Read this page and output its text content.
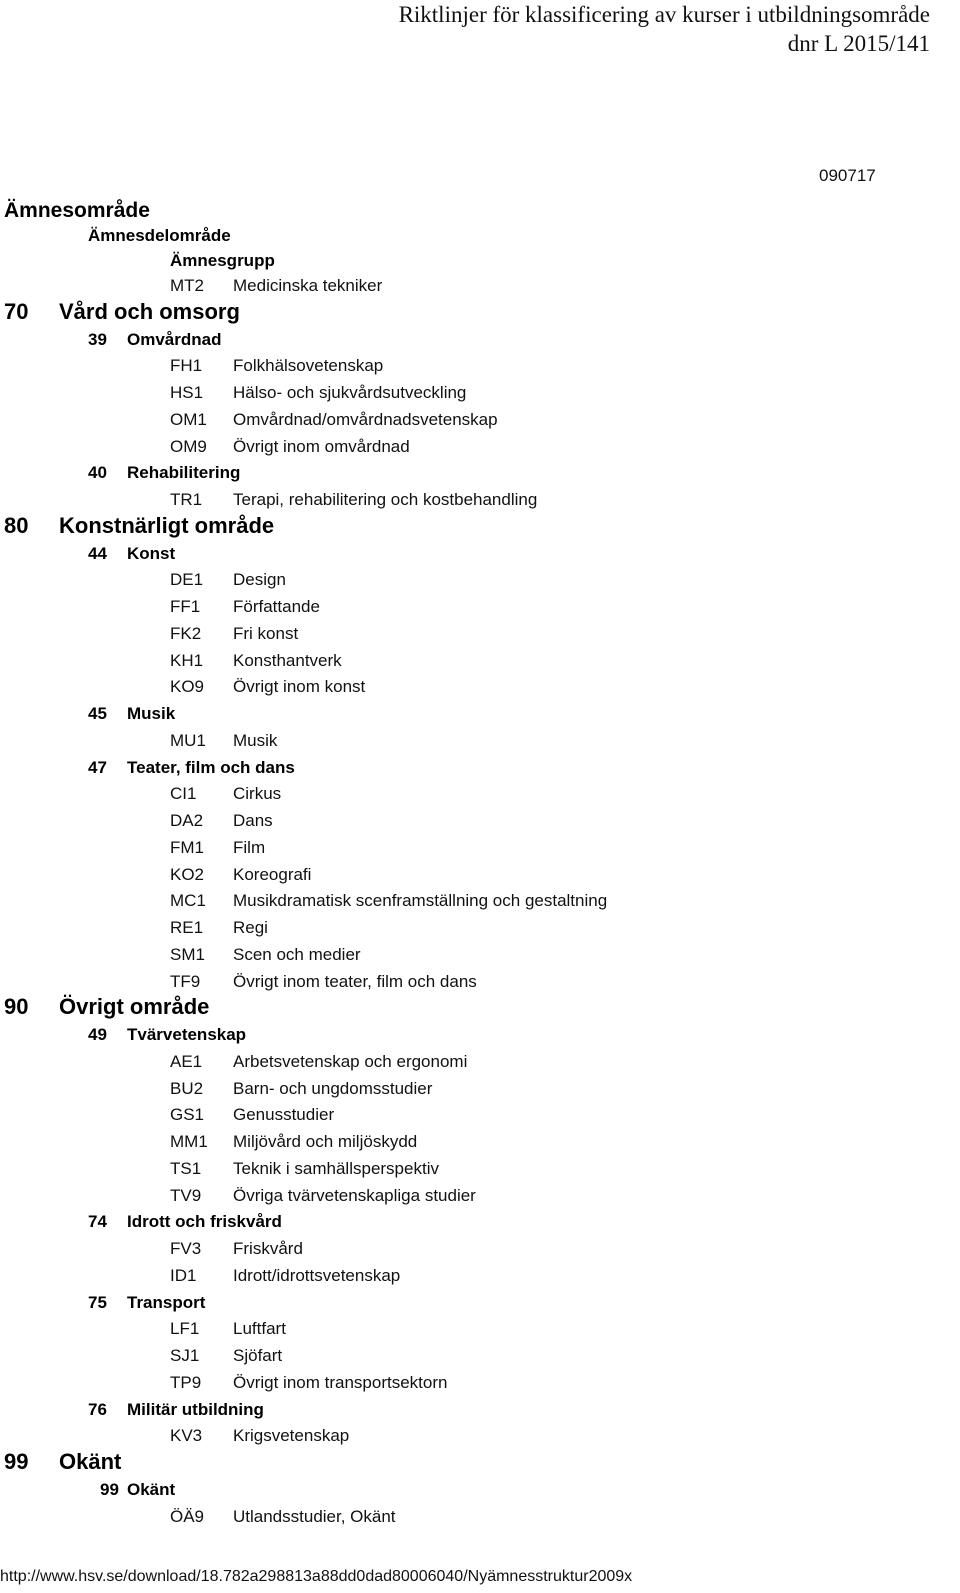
Riktlinjer för klassificering av kurser i utbildningsområde
dnr L 2015/141
090717
Ämnesområde
Ämnesdelområde
Ämnesgrupp
MT2 Medicinska tekniker
70 Vård och omsorg
39 Omvårdnad
FH1 Folkhälsovetenskap
HS1 Hälso- och sjukvårdsutveckling
OM1 Omvårdnad/omvårdnadsvetenskap
OM9 Övrigt inom omvårdnad
40 Rehabilitering
TR1 Terapi, rehabilitering och kostbehandling
80 Konstnärligt område
44 Konst
DE1 Design
FF1 Författande
FK2 Fri konst
KH1 Konsthantverk
KO9 Övrigt inom konst
45 Musik
MU1 Musik
47 Teater, film och dans
CI1 Cirkus
DA2 Dans
FM1 Film
KO2 Koreografi
MC1 Musikdramatisk scenframställning och gestaltning
RE1 Regi
SM1 Scen och medier
TF9 Övrigt inom teater, film och dans
90 Övrigt område
49 Tvärvetenskap
AE1 Arbetsvetenskap och ergonomi
BU2 Barn- och ungdomsstudier
GS1 Genusstudier
MM1 Miljövård och miljöskydd
TS1 Teknik i samhällsperspektiv
TV9 Övriga tvärvetenskapliga studier
74 Idrott och friskvård
FV3 Friskvård
ID1 Idrott/idrottsvetenskap
75 Transport
LF1 Luftfart
SJ1 Sjöfart
TP9 Övrigt inom transportsektorn
76 Militär utbildning
KV3 Krigsvetenskap
99 Okänt
99 Okänt
ÖÄ9 Utlandsstudier, Okänt
http://www.hsv.se/download/18.782a298813a88dd0dad80006040/Nyämnesstruktur2009x
